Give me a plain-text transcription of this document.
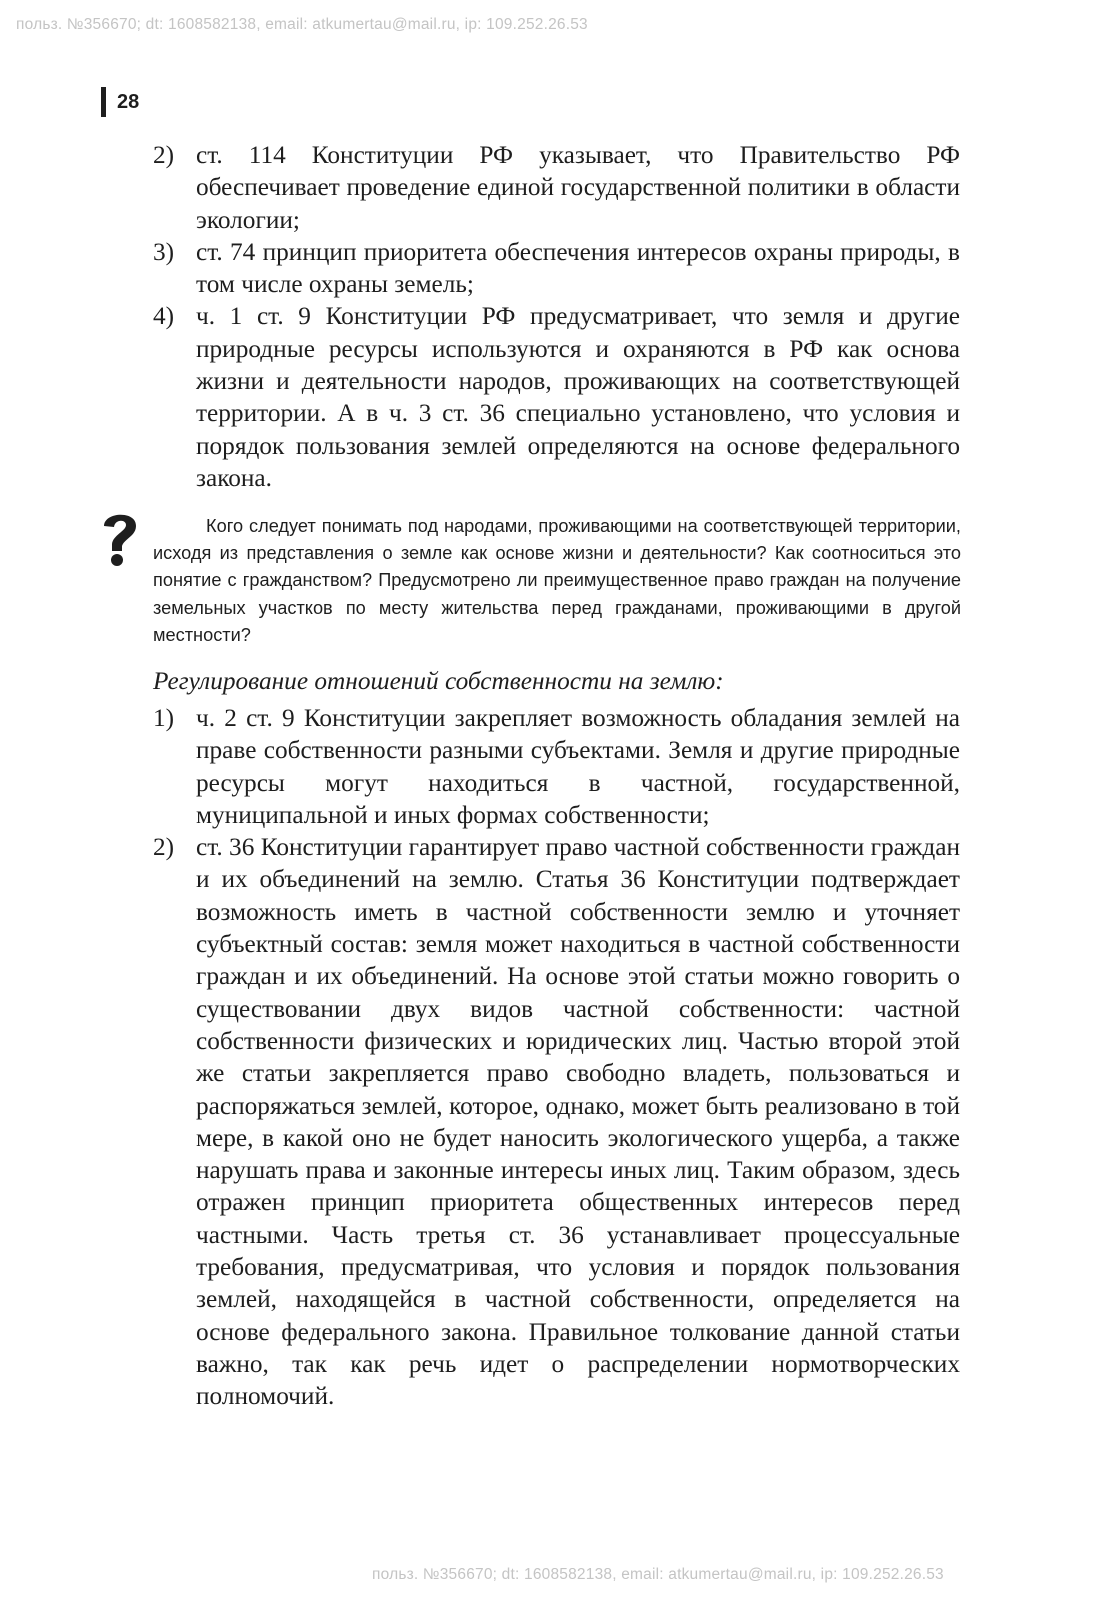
польз. №356670; dt: 1608582138, email: atkumertau@mail.ru, ip: 109.252.26.53
28
2) ст. 114 Конституции РФ указывает, что Правительство РФ обеспечивает проведение единой государственной политики в области экологии;
3) ст. 74 принцип приоритета обеспечения интересов охраны природы, в том числе охраны земель;
4) ч. 1 ст. 9 Конституции РФ предусматривает, что земля и другие природные ресурсы используются и охраняются в РФ как основа жизни и деятельности народов, проживающих на соответствующей территории. А в ч. 3 ст. 36 специально установлено, что условия и порядок пользования землей определяются на основе федерального закона.
Кого следует понимать под народами, проживающими на соответствующей территории, исходя из представления о земле как основе жизни и деятельности? Как соотноситься это понятие с гражданством? Предусмотрено ли преимущественное право граждан на получение земельных участков по месту жительства перед гражданами, проживающими в другой местности?
Регулирование отношений собственности на землю:
1) ч. 2 ст. 9 Конституции закрепляет возможность обладания землей на праве собственности разными субъектами. Земля и другие природные ресурсы могут находиться в частной, государственной, муниципальной и иных формах собственности;
2) ст. 36 Конституции гарантирует право частной собственности граждан и их объединений на землю. Статья 36 Конституции подтверждает возможность иметь в частной собственности землю и уточняет субъектный состав: земля может находиться в частной собственности граждан и их объединений. На основе этой статьи можно говорить о существовании двух видов частной собственности: частной собственности физических и юридических лиц. Частью второй этой же статьи закрепляется право свободно владеть, пользоваться и распоряжаться землей, которое, однако, может быть реализовано в той мере, в какой оно не будет наносить экологического ущерба, а также нарушать права и законные интересы иных лиц. Таким образом, здесь отражен принцип приоритета общественных интересов перед частными. Часть третья ст. 36 устанавливает процессуальные требования, предусматривая, что условия и порядок пользования землей, находящейся в частной собственности, определяется на основе федерального закона. Правильное толкование данной статьи важно, так как речь идет о распределении нормотворческих полномочий.
польз. №356670; dt: 1608582138, email: atkumertau@mail.ru, ip: 109.252.26.53
